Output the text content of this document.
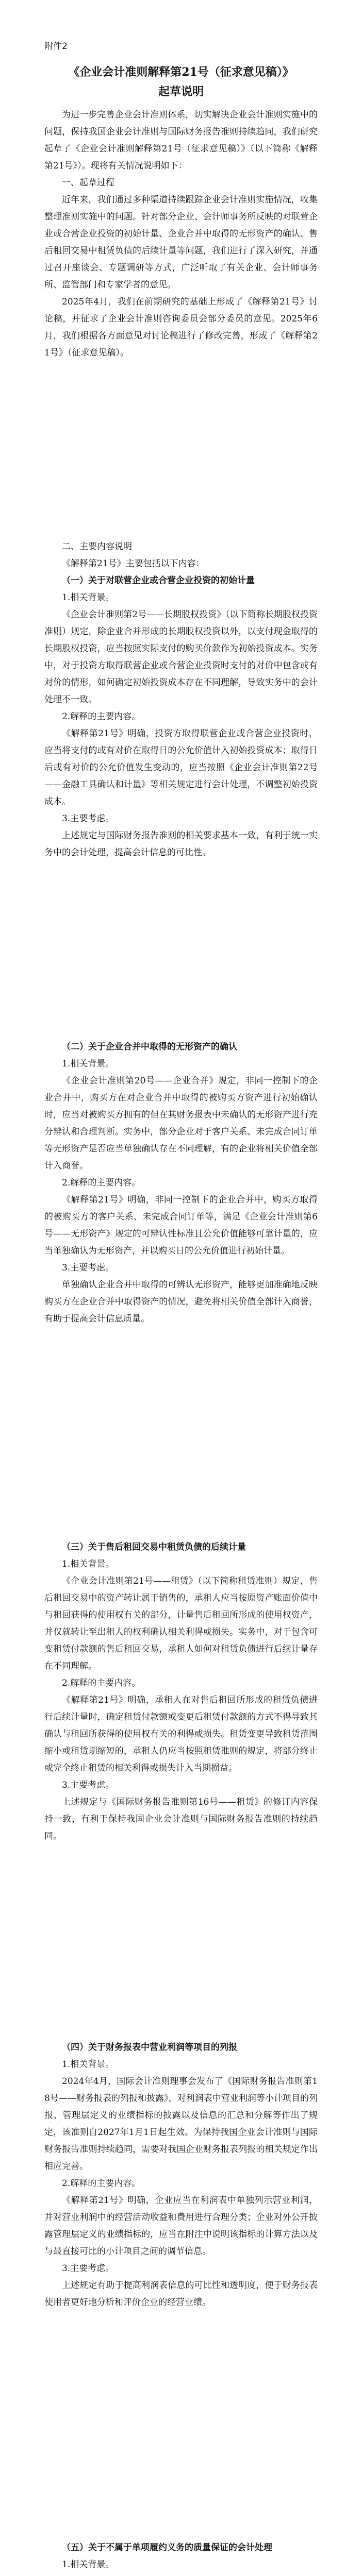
附件2
《企业会计准则解释第21号（征求意见稿）》
起草说明
为进一步完善企业会计准则体系，切实解决企业会计准则实施中的问题，保持我国企业会计准则与国际财务报告准则持续趋同，我们研究起草了《企业会计准则解释第21号（征求意见稿）》（以下简称《解释第21号》）。现将有关情况说明如下：
一、起草过程
近年来，我们通过多种渠道持续跟踪企业会计准则实施情况，收集整理准则实施中的问题。针对部分企业、会计师事务所反映的对联营企业或合营企业投资的初始计量、企业合并中取得的无形资产的确认、售后租回交易中租赁负债的后续计量等问题，我们进行了深入研究，并通过召开座谈会、专题调研等方式，广泛听取了有关企业、会计师事务所、监管部门和专家学者的意见。
2025年4月，我们在前期研究的基础上形成了《解释第21号》讨论稿，并征求了企业会计准则咨询委员会部分委员的意见。2025年6月，我们根据各方面意见对讨论稿进行了修改完善，形成了《解释第21号》（征求意见稿）。
二、主要内容说明
《解释第21号》主要包括以下内容：
（一）关于对联营企业或合营企业投资的初始计量
1.相关背景。
《企业会计准则第2号——长期股权投资》（以下简称长期股权投资准则）规定，除企业合并形成的长期股权投资以外，以支付现金取得的长期股权投资，应当按照实际支付的购买价款作为初始投资成本。实务中，对于投资方取得联营企业或合营企业投资时支付的对价中包含或有对价的情形，如何确定初始投资成本存在不同理解，导致实务中的会计处理不一致。
2.解释的主要内容。
《解释第21号》明确，投资方取得联营企业或合营企业投资时，应当将支付的或有对价在取得日的公允价值计入初始投资成本；取得日后或有对价的公允价值发生变动的，应当按照《企业会计准则第22号——金融工具确认和计量》等相关规定进行会计处理，不调整初始投资成本。
3.主要考虑。
上述规定与国际财务报告准则的相关要求基本一致，有利于统一实务中的会计处理，提高会计信息的可比性。
（二）关于企业合并中取得的无形资产的确认
1.相关背景。
《企业会计准则第20号——企业合并》规定，非同一控制下的企业合并中，购买方在对企业合并中取得的被购买方资产进行初始确认时，应当对被购买方拥有的但在其财务报表中未确认的无形资产进行充分辨认和合理判断。实务中，部分企业对于客户关系、未完成合同订单等无形资产是否应当单独确认存在不同理解，有的企业将相关价值全部计入商誉。
2.解释的主要内容。
《解释第21号》明确，非同一控制下的企业合并中，购买方取得的被购买方的客户关系、未完成合同订单等，满足《企业会计准则第6号——无形资产》规定的可辨认性标准且公允价值能够可靠计量的，应当单独确认为无形资产，并以购买日的公允价值进行初始计量。
3.主要考虑。
单独确认企业合并中取得的可辨认无形资产，能够更加准确地反映购买方在企业合并中取得资产的情况，避免将相关价值全部计入商誉，有助于提高会计信息质量。
（三）关于售后租回交易中租赁负债的后续计量
1.相关背景。
《企业会计准则第21号——租赁》（以下简称租赁准则）规定，售后租回交易中的资产转让属于销售的，承租人应当按原资产账面价值中与租回获得的使用权有关的部分，计量售后租回所形成的使用权资产，并仅就转让至出租人的权利确认相关利得或损失。实务中，对于包含可变租赁付款额的售后租回交易，承租人如何对租赁负债进行后续计量存在不同理解。
2.解释的主要内容。
《解释第21号》明确，承租人在对售后租回所形成的租赁负债进行后续计量时，确定租赁付款额或变更后租赁付款额的方式不得导致其确认与租回所获得的使用权有关的利得或损失。租赁变更导致租赁范围缩小或租赁期缩短的，承租人仍应当按照租赁准则的规定，将部分终止或完全终止租赁的相关利得或损失计入当期损益。
3.主要考虑。
上述规定与《国际财务报告准则第16号——租赁》的修订内容保持一致，有利于保持我国企业会计准则与国际财务报告准则的持续趋同。
（四）关于财务报表中营业利润等项目的列报
1.相关背景。
2024年4月，国际会计准则理事会发布了《国际财务报告准则第18号——财务报表的列报和披露》，对利润表中营业利润等小计项目的列报、管理层定义的业绩指标的披露以及信息的汇总和分解等作出了规定，该准则自2027年1月1日起生效。为保持我国企业会计准则与国际财务报告准则持续趋同，需要对我国企业财务报表列报的相关规定作出相应完善。
2.解释的主要内容。
《解释第21号》明确，企业应当在利润表中单独列示营业利润，并对营业利润中的经营活动收益和费用进行合理分类；企业对外公开披露管理层定义的业绩指标的，应当在附注中说明该指标的计算方法以及与最直接可比的小计项目之间的调节信息。
3.主要考虑。
上述规定有助于提高利润表信息的可比性和透明度，便于财务报表使用者更好地分析和评价企业的经营业绩。
（五）关于不属于单项履约义务的质量保证的会计处理
1.相关背景。
